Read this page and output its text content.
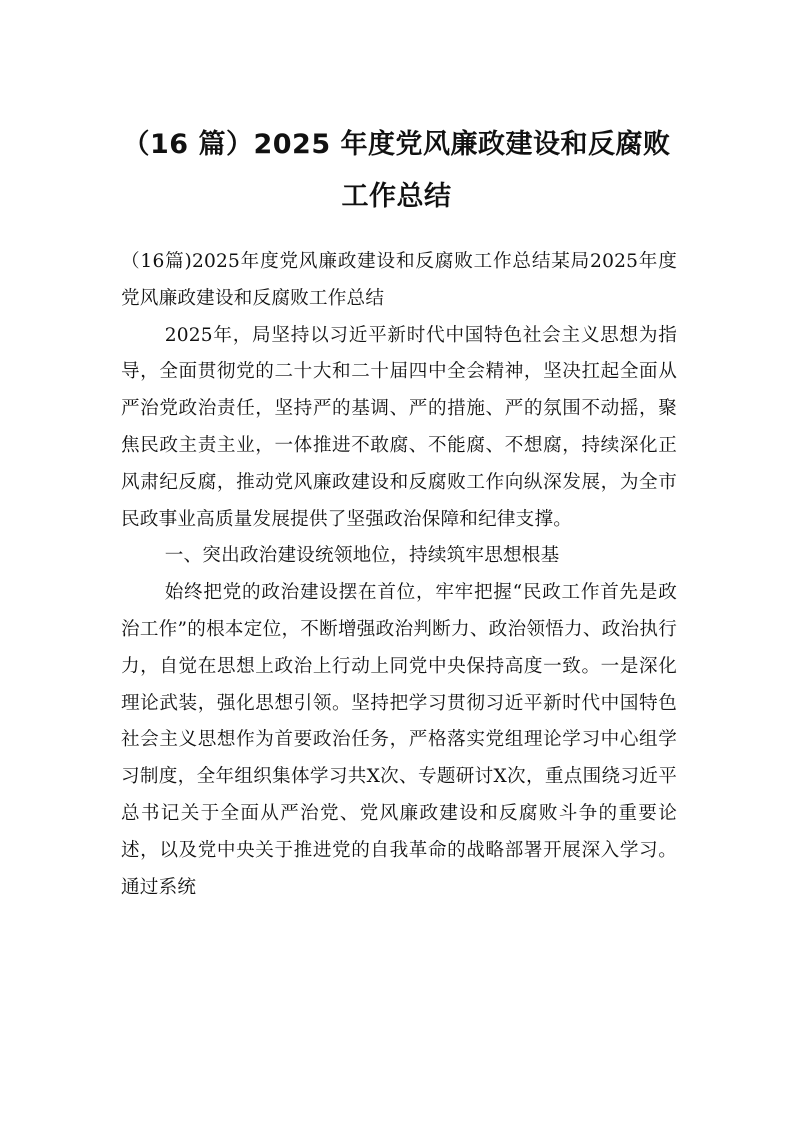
（16 篇）2025 年度党风廉政建设和反腐败
工作总结

（16篇)2025年度党风廉政建设和反腐败工作总结某局2025年度党风廉政建设和反腐败工作总结

2025年，局坚持以习近平新时代中国特色社会主义思想为指导，全面贯彻党的二十大和二十届四中全会精神，坚决扛起全面从严治党政治责任，坚持严的基调、严的措施、严的氛围不动摇，聚焦民政主责主业，一体推进不敢腐、不能腐、不想腐，持续深化正风肃纪反腐，推动党风廉政建设和反腐败工作向纵深发展，为全市民政事业高质量发展提供了坚强政治保障和纪律支撑。

一、突出政治建设统领地位，持续筑牢思想根基

始终把党的政治建设摆在首位，牢牢把握“民政工作首先是政治工作”的根本定位，不断增强政治判断力、政治领悟力、政治执行力，自觉在思想上政治上行动上同党中央保持高度一致。一是深化理论武装，强化思想引领。坚持把学习贯彻习近平新时代中国特色社会主义思想作为首要政治任务，严格落实党组理论学习中心组学习制度，全年组织集体学习共X次、专题研讨X次，重点围绕习近平总书记关于全面从严治党、党风廉政建设和反腐败斗争的重要论述，以及党中央关于推进党的自我革命的战略部署开展深入学习。通过系统
